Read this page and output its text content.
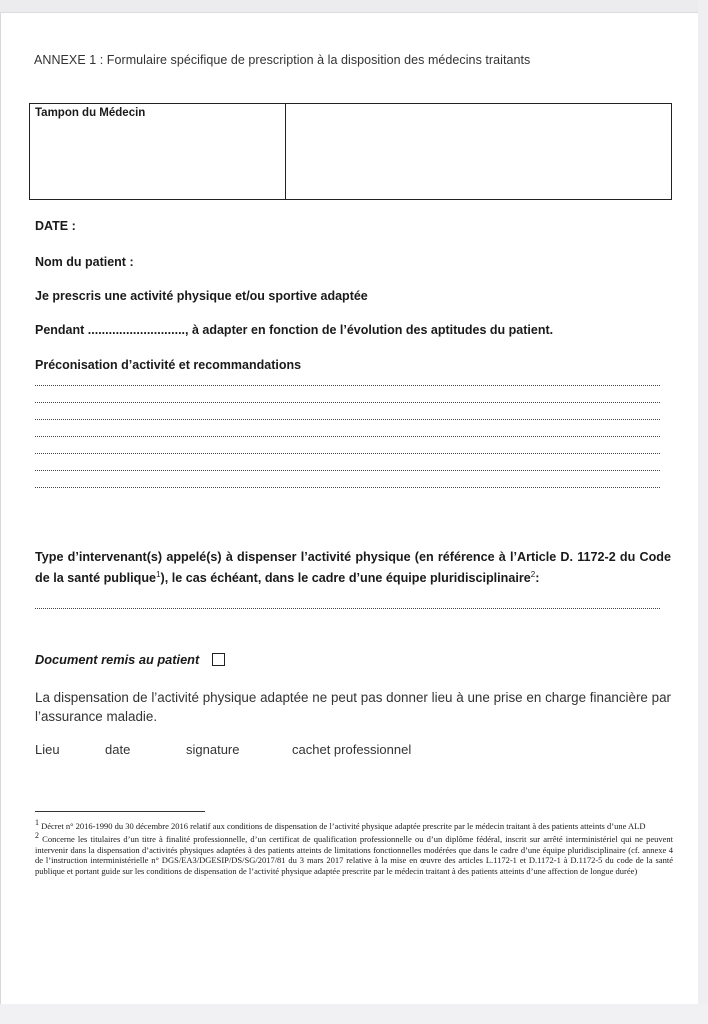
ANNEXE 1 : Formulaire spécifique de prescription à la disposition des médecins traitants
Tampon du Médecin
DATE :
Nom du patient :
Je prescris une activité physique et/ou sportive adaptée
Pendant ............................, à adapter en fonction de l’évolution des aptitudes du patient.
Préconisation d’activité et recommandations
Type d’intervenant(s) appelé(s) à dispenser l’activité physique (en référence à l’Article D. 1172-2 du Code de la santé publique$^1$), le cas échéant, dans le cadre d’une équipe pluridisciplinaire$^2$:
Document remis au patient
La dispensation de l’activité physique adaptée ne peut pas donner lieu à une prise en charge financière par l’assurance maladie.
Lieu	date	signature	cachet professionnel

$^1$ Décret n° 2016-1990 du 30 décembre 2016 relatif aux conditions de dispensation de l’activité physique adaptée prescrite par le médecin traitant à des patients atteints d’une ALD

$^2$ Concerne les titulaires d’un titre à finalité professionnelle, d’un certificat de qualification professionnelle ou d’un diplôme fédéral, inscrit sur arrêté interministériel qui ne peuvent intervenir dans la dispensation d’activités physiques adaptées à des patients atteints de limitations fonctionnelles modérées que dans le cadre d’une équipe pluridisciplinaire (cf. annexe 4 de l’instruction interministérielle n° DGS/EA3/DGESIP/DS/SG/2017/81 du 3 mars 2017 relative à la mise en œuvre des articles L.1172-1 et D.1172-1 à D.1172-5 du code de la santé publique et portant guide sur les conditions de dispensation de l’activité physique adaptée prescrite par le médecin traitant à des patients atteints d’une affection de longue durée)
